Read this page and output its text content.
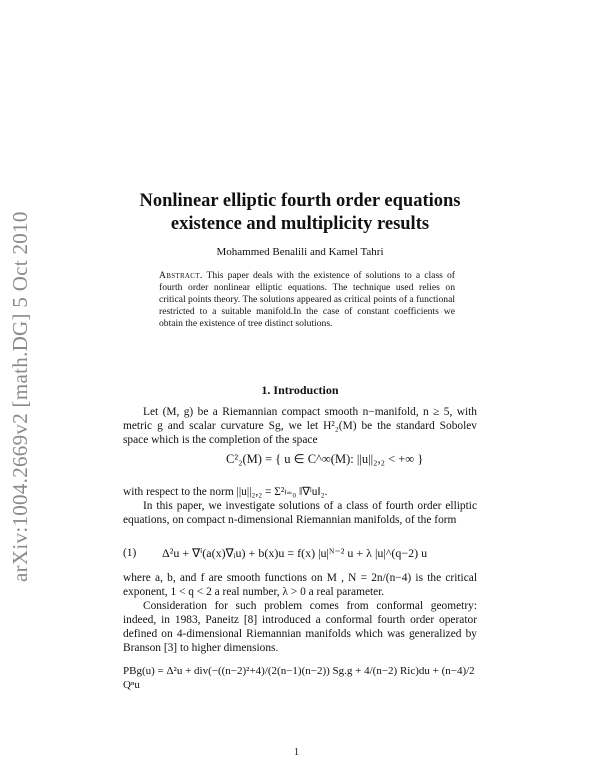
arXiv:1004.2669v2 [math.DG] 5 Oct 2010
Nonlinear elliptic fourth order equations
existence and multiplicity results
Mohammed Benalili and Kamel Tahri
Abstract. This paper deals with the existence of solutions to a class of fourth order nonlinear elliptic equations. The technique used relies on critical points theory. The solutions appeared as critical points of a functional restricted to a suitable manifold.In the case of constant coefficients we obtain the existence of tree distinct solutions.
1. Introduction
Let (M, g) be a Riemannian compact smooth n−manifold, n ≥ 5, with metric g and scalar curvature Sg, we let H²₂(M) be the standard Sobolev space which is the completion of the space
C²₂(M) = { u ∈ C^∞(M): ||u||₂,₂ < +∞ }
with respect to the norm ||u||₂,₂ = Σ²ₗ₌₀ ‖∇ˡu‖₂.
In this paper, we investigate solutions of a class of fourth order elliptic equations, on compact n-dimensional Riemannian manifolds, of the form
(1) Δ²u + ∇ⁱ(a(x)∇ᵢu) + b(x)u = f(x) |u|ᴺ⁻² u + λ |u|^(q−2) u
where a, b, and f are smooth functions on M , N = 2n/(n−4) is the critical exponent, 1 < q < 2 a real number, λ > 0 a real parameter.
Consideration for such problem comes from conformal geometry: indeed, in 1983, Paneitz [8] introduced a conformal fourth order operator defined on 4-dimensional Riemannian manifolds which was generalized by Branson [3] to higher dimensions.
PBg(u) = Δ²u + div(−((n−2)²+4)/(2(n−1)(n−2)) Sg.g + 4/(n−2) Ric)du + (n−4)/2 Qⁿu
1
